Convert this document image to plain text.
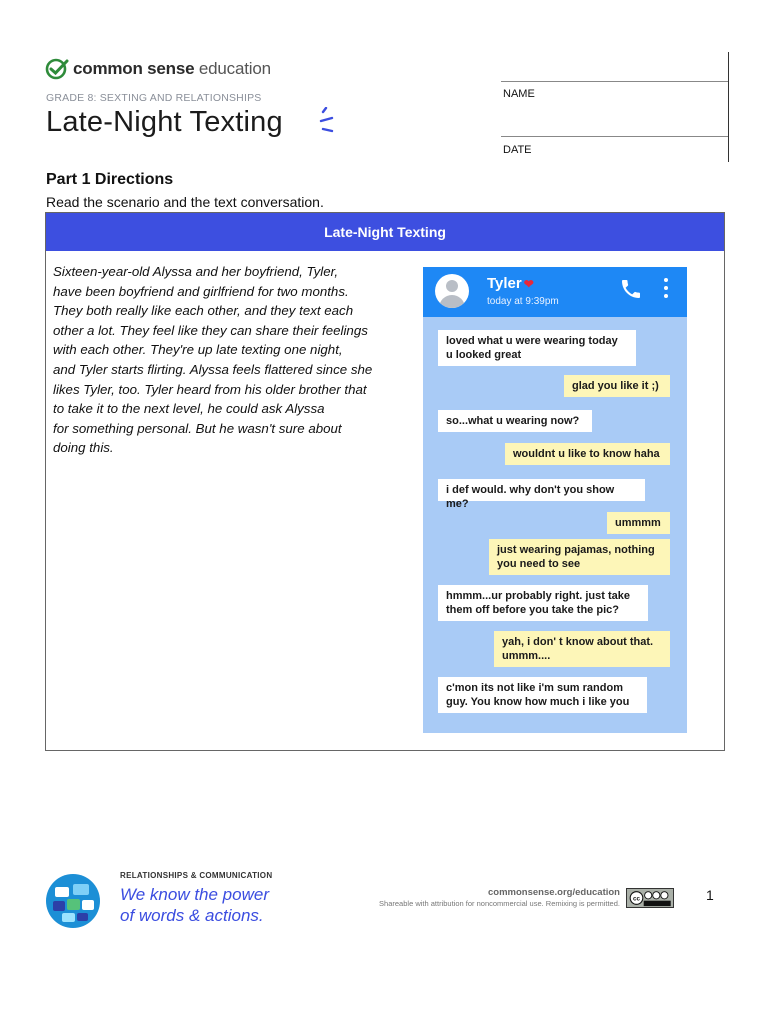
common sense education
GRADE 8: SEXTING AND RELATIONSHIPS
Late-Night Texting
NAME
DATE
Part 1 Directions
Read the scenario and the text conversation.
Late-Night Texting
Sixteen-year-old Alyssa and her boyfriend, Tyler,
have been boyfriend and girlfriend for two months.
They both really like each other, and they text each
other a lot. They feel like they can share their feelings
with each other. They're up late texting one night,
and Tyler starts flirting. Alyssa feels flattered since she
likes Tyler, too. Tyler heard from his older brother that
to take it to the next level, he could ask Alyssa
for something personal. But he wasn't sure about
doing this.
Tyler ❤
today at 9:39pm
loved what u were wearing today
u looked great
glad you like it ;)
so...what u wearing now?
wouldnt u like to know haha
i def would. why don't you show me?
ummmm
just wearing pajamas, nothing
you need to see
hmmm...ur probably right. just take
them off before you take the pic?
yah, i don' t know about that.
ummm....
c'mon its not like i'm sum random
guy. You know how much i like you
RELATIONSHIPS & COMMUNICATION
We know the power
of words & actions.
commonsense.org/education
Shareable with attribution for noncommercial use. Remixing is permitted. cc	1
